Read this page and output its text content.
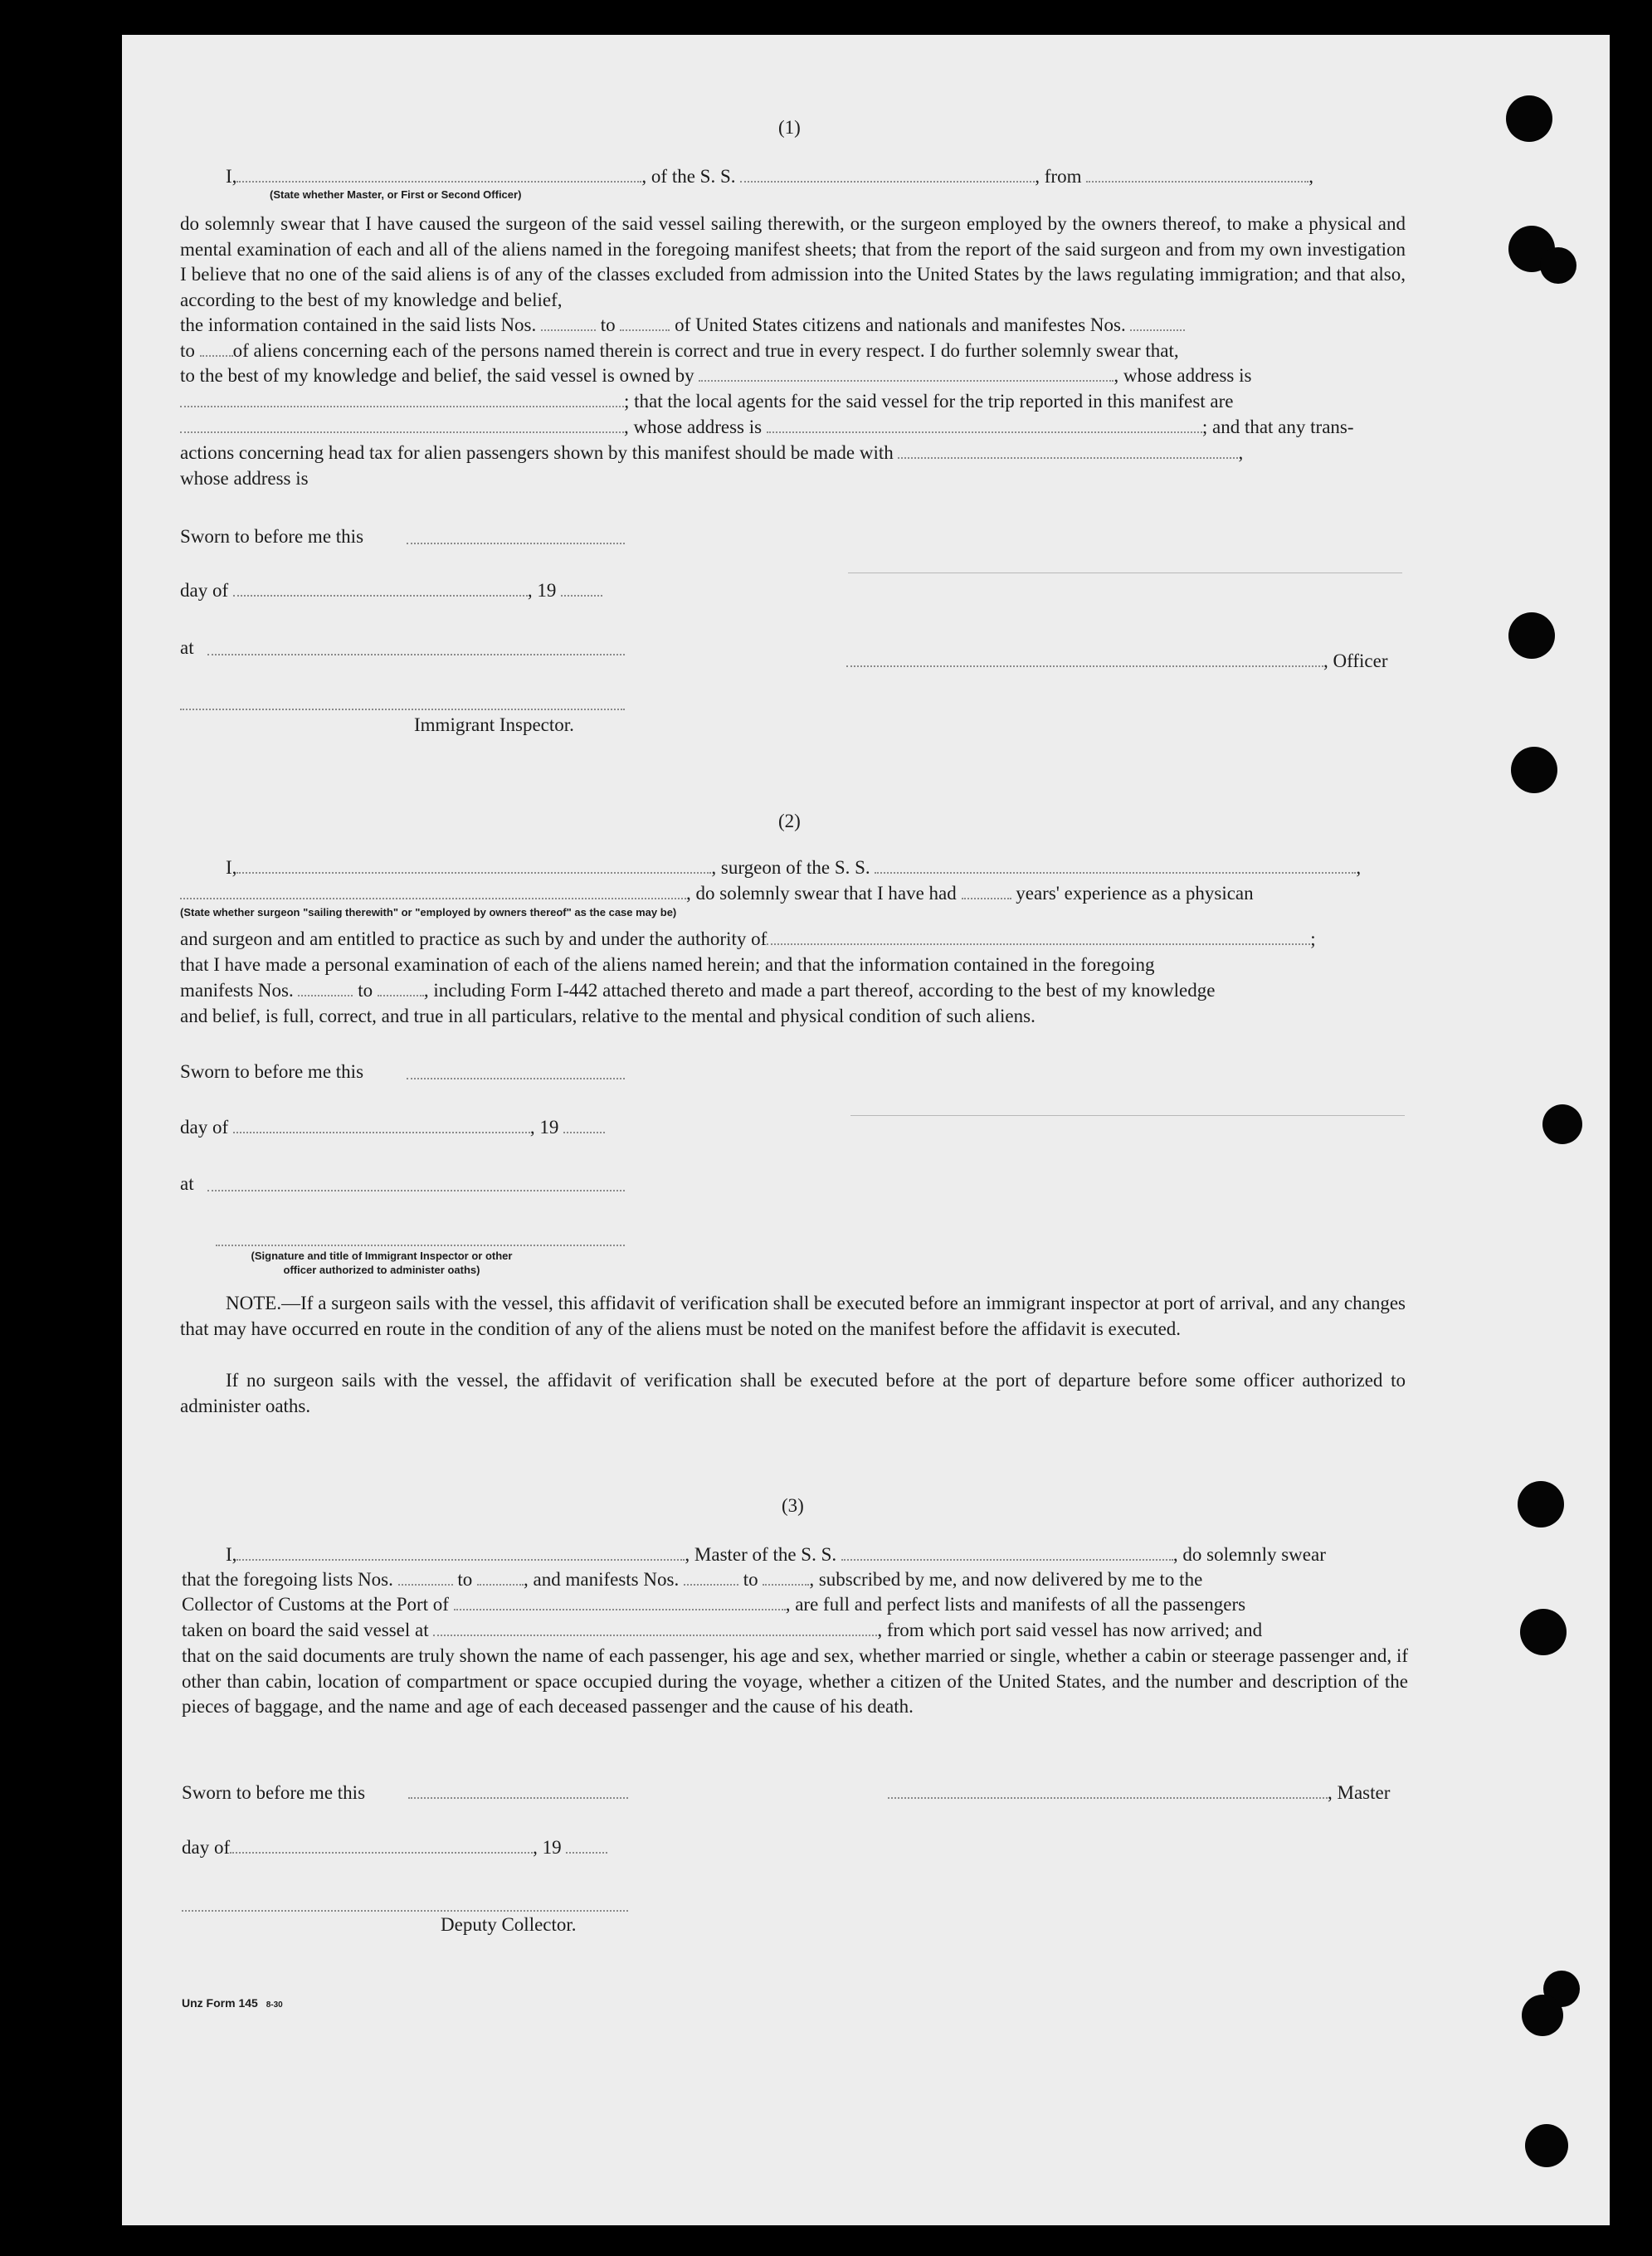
(1)
I,	, of the S. S.	, from	,
(State whether Master, or First or Second Officer)
do solemnly swear that I have caused the surgeon of the said vessel sailing therewith, or the surgeon employed by the owners thereof, to make a physical and mental examination of each and all of the aliens named in the foregoing manifest sheets; that from the report of the said surgeon and from my own investigation I believe that no one of the said aliens is of any of the classes excluded from admission into the United States by the laws regulating immigration; and that also, according to the best of my knowledge and belief,
the information contained in the said lists Nos.	to	of United States citizens and nationals and manifestes Nos.
to of aliens concerning each of the persons named therein is correct and true in every respect. I do further solemnly swear that,
to the best of my knowledge and belief, the said vessel is owned by	, whose address is
; that the local agents for the said vessel for the trip reported in this manifest are
, whose address is	; and that any trans-
actions concerning head tax for alien passengers shown by this manifest should be made with	,
whose address is
Sworn to before me this
day of	, 19
at
, Officer
Immigrant Inspector.
(2)
I,	, surgeon of the S. S.	,
, do solemnly swear that I have had	years' experience as a physican
(State whether surgeon "sailing therewith" or "employed by owners thereof" as the case may be)
and surgeon and am entitled to practice as such by and under the authority of	;
that I have made a personal examination of each of the aliens named herein; and that the information contained in the foregoing
manifests Nos.	to	, including Form I-442 attached thereto and made a part thereof, according to the best of my knowledge
and belief, is full, correct, and true in all particulars, relative to the mental and physical condition of such aliens.
Sworn to before me this
day of	, 19
at
(Signature and title of Immigrant Inspector or other
officer authorized to administer oaths)
NOTE.—If a surgeon sails with the vessel, this affidavit of verification shall be executed before an immigrant inspector at port of arrival, and any changes that may have occurred en route in the condition of any of the aliens must be noted on the manifest before the affidavit is executed.
If no surgeon sails with the vessel, the affidavit of verification shall be executed before at the port of departure before some officer authorized to administer oaths.
(3)
I,	, Master of the S. S.	, do solemnly swear
that the foregoing lists Nos.	to	, and manifests Nos.	to	, subscribed by me, and now delivered by me to the
Collector of Customs at the Port of	, are full and perfect lists and manifests of all the passengers
taken on board the said vessel at	, from which port said vessel has now arrived; and
that on the said documents are truly shown the name of each passenger, his age and sex, whether married or single, whether a cabin or steerage passenger and, if other than cabin, location of compartment or space occupied during the voyage, whether a citizen of the United States, and the number and description of the pieces of baggage, and the name and age of each deceased passenger and the cause of his death.
Sworn to before me this	, Master
day of	, 19
Deputy Collector.
Unz Form 145 8-30
